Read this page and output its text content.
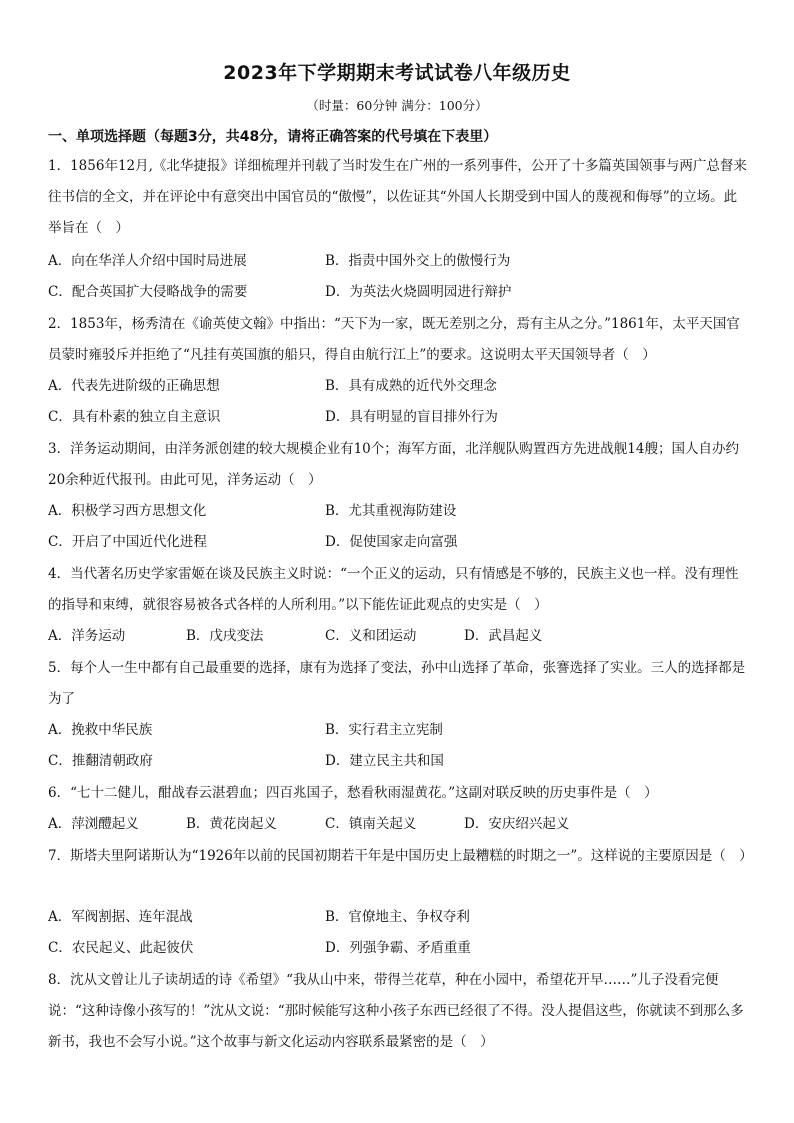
2023年下学期期末考试试卷八年级历史
（时量：60分钟 满分：100分）
一、单项选择题（每题3分，共48分，请将正确答案的代号填在下表里）
1．1856年12月,《北华捷报》详细梳理并刊载了当时发生在广州的一系列事件，公开了十多篇英国领事与两广总督来往书信的全文，并在评论中有意突出中国官员的“傲慢”，以佐证其“外国人长期受到中国人的蔑视和侮辱”的立场。此举旨在（　）
A．向在华洋人介绍中国时局进展	B．指责中国外交上的傲慢行为
C．配合英国扩大侵略战争的需要	D．为英法火烧圆明园进行辩护
2．1853年，杨秀清在《谕英使文翰》中指出：“天下为一家，既无差别之分，焉有主从之分。”1861年，太平天国官员蒙时雍驳斥并拒绝了“凡挂有英国旗的船只，得自由航行江上”的要求。这说明太平天国领导者（　）
A．代表先进阶级的正确思想	B．具有成熟的近代外交理念
C．具有朴素的独立自主意识	D．具有明显的盲目排外行为
3．洋务运动期间，由洋务派创建的较大规模企业有10个；海军方面，北洋舰队购置西方先进战舰14艘；国人自办约20余种近代报刊。由此可见，洋务运动（　）
A．积极学习西方思想文化	B．尤其重视海防建设
C．开启了中国近代化进程	D．促使国家走向富强
4．当代著名历史学家雷姬在谈及民族主义时说：“一个正义的运动，只有情感是不够的，民族主义也一样。没有理性的指导和束缚，就很容易被各式各样的人所利用。”以下能佐证此观点的史实是（　）
A．洋务运动	B．戊戌变法	C．义和团运动	D．武昌起义
5．每个人一生中都有自己最重要的选择，康有为选择了变法，孙中山选择了革命，张謇选择了实业。三人的选择都是为了
A．挽救中华民族	B．实行君主立宪制
C．推翻清朝政府	D．建立民主共和国
6．“七十二健儿，酣战春云湛碧血；四百兆国子，愁看秋雨湿黄花。”这副对联反映的历史事件是（　）
A．萍浏醴起义	B．黄花岗起义	C．镇南关起义	D．安庆绍兴起义
7．斯塔夫里阿诺斯认为“1926年以前的民国初期若干年是中国历史上最糟糕的时期之一”。这样说的主要原因是（　）
A．军阀割据、连年混战	B．官僚地主、争权夺利
C．农民起义、此起彼伏	D．列强争霸、矛盾重重
8．沈从文曾让儿子读胡适的诗《希望》“我从山中来，带得兰花草，种在小园中，希望花开早……”儿子没看完便说：“这种诗像小孩写的！”沈从文说：“那时候能写这种小孩子东西已经很了不得。没人提倡这些，你就读不到那么多新书，我也不会写小说。”这个故事与新文化运动内容联系最紧密的是（　）
